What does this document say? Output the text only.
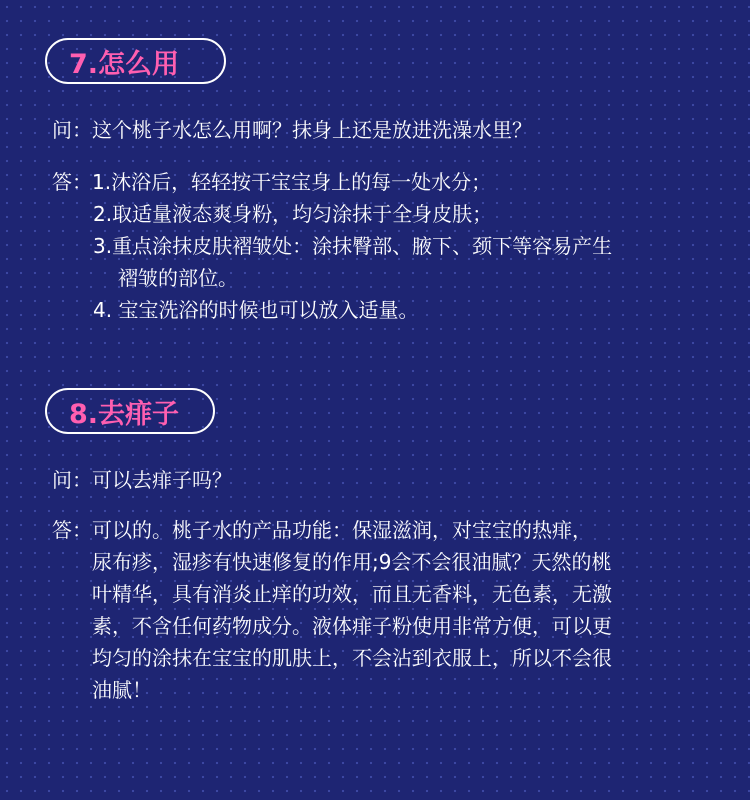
7.怎么用
问：这个桃子水怎么用啊？抹身上还是放进洗澡水里？
答：1.沐浴后，轻轻按干宝宝身上的每一处水分；
2.取适量液态爽身粉，均匀涂抹于全身皮肤；
3.重点涂抹皮肤褶皱处：涂抹臀部、腋下、颈下等容易产生
褶皱的部位。
4. 宝宝洗浴的时候也可以放入适量。
8.去痱子
问：可以去痱子吗？
答：可以的。桃子水的产品功能：保湿滋润，对宝宝的热痱，
尿布疹，湿疹有快速修复的作用;9会不会很油腻？天然的桃
叶精华，具有消炎止痒的功效，而且无香料，无色素，无激
素，不含任何药物成分。液体痱子粉使用非常方便，可以更
均匀的涂抹在宝宝的肌肤上，不会沾到衣服上，所以不会很
油腻！
